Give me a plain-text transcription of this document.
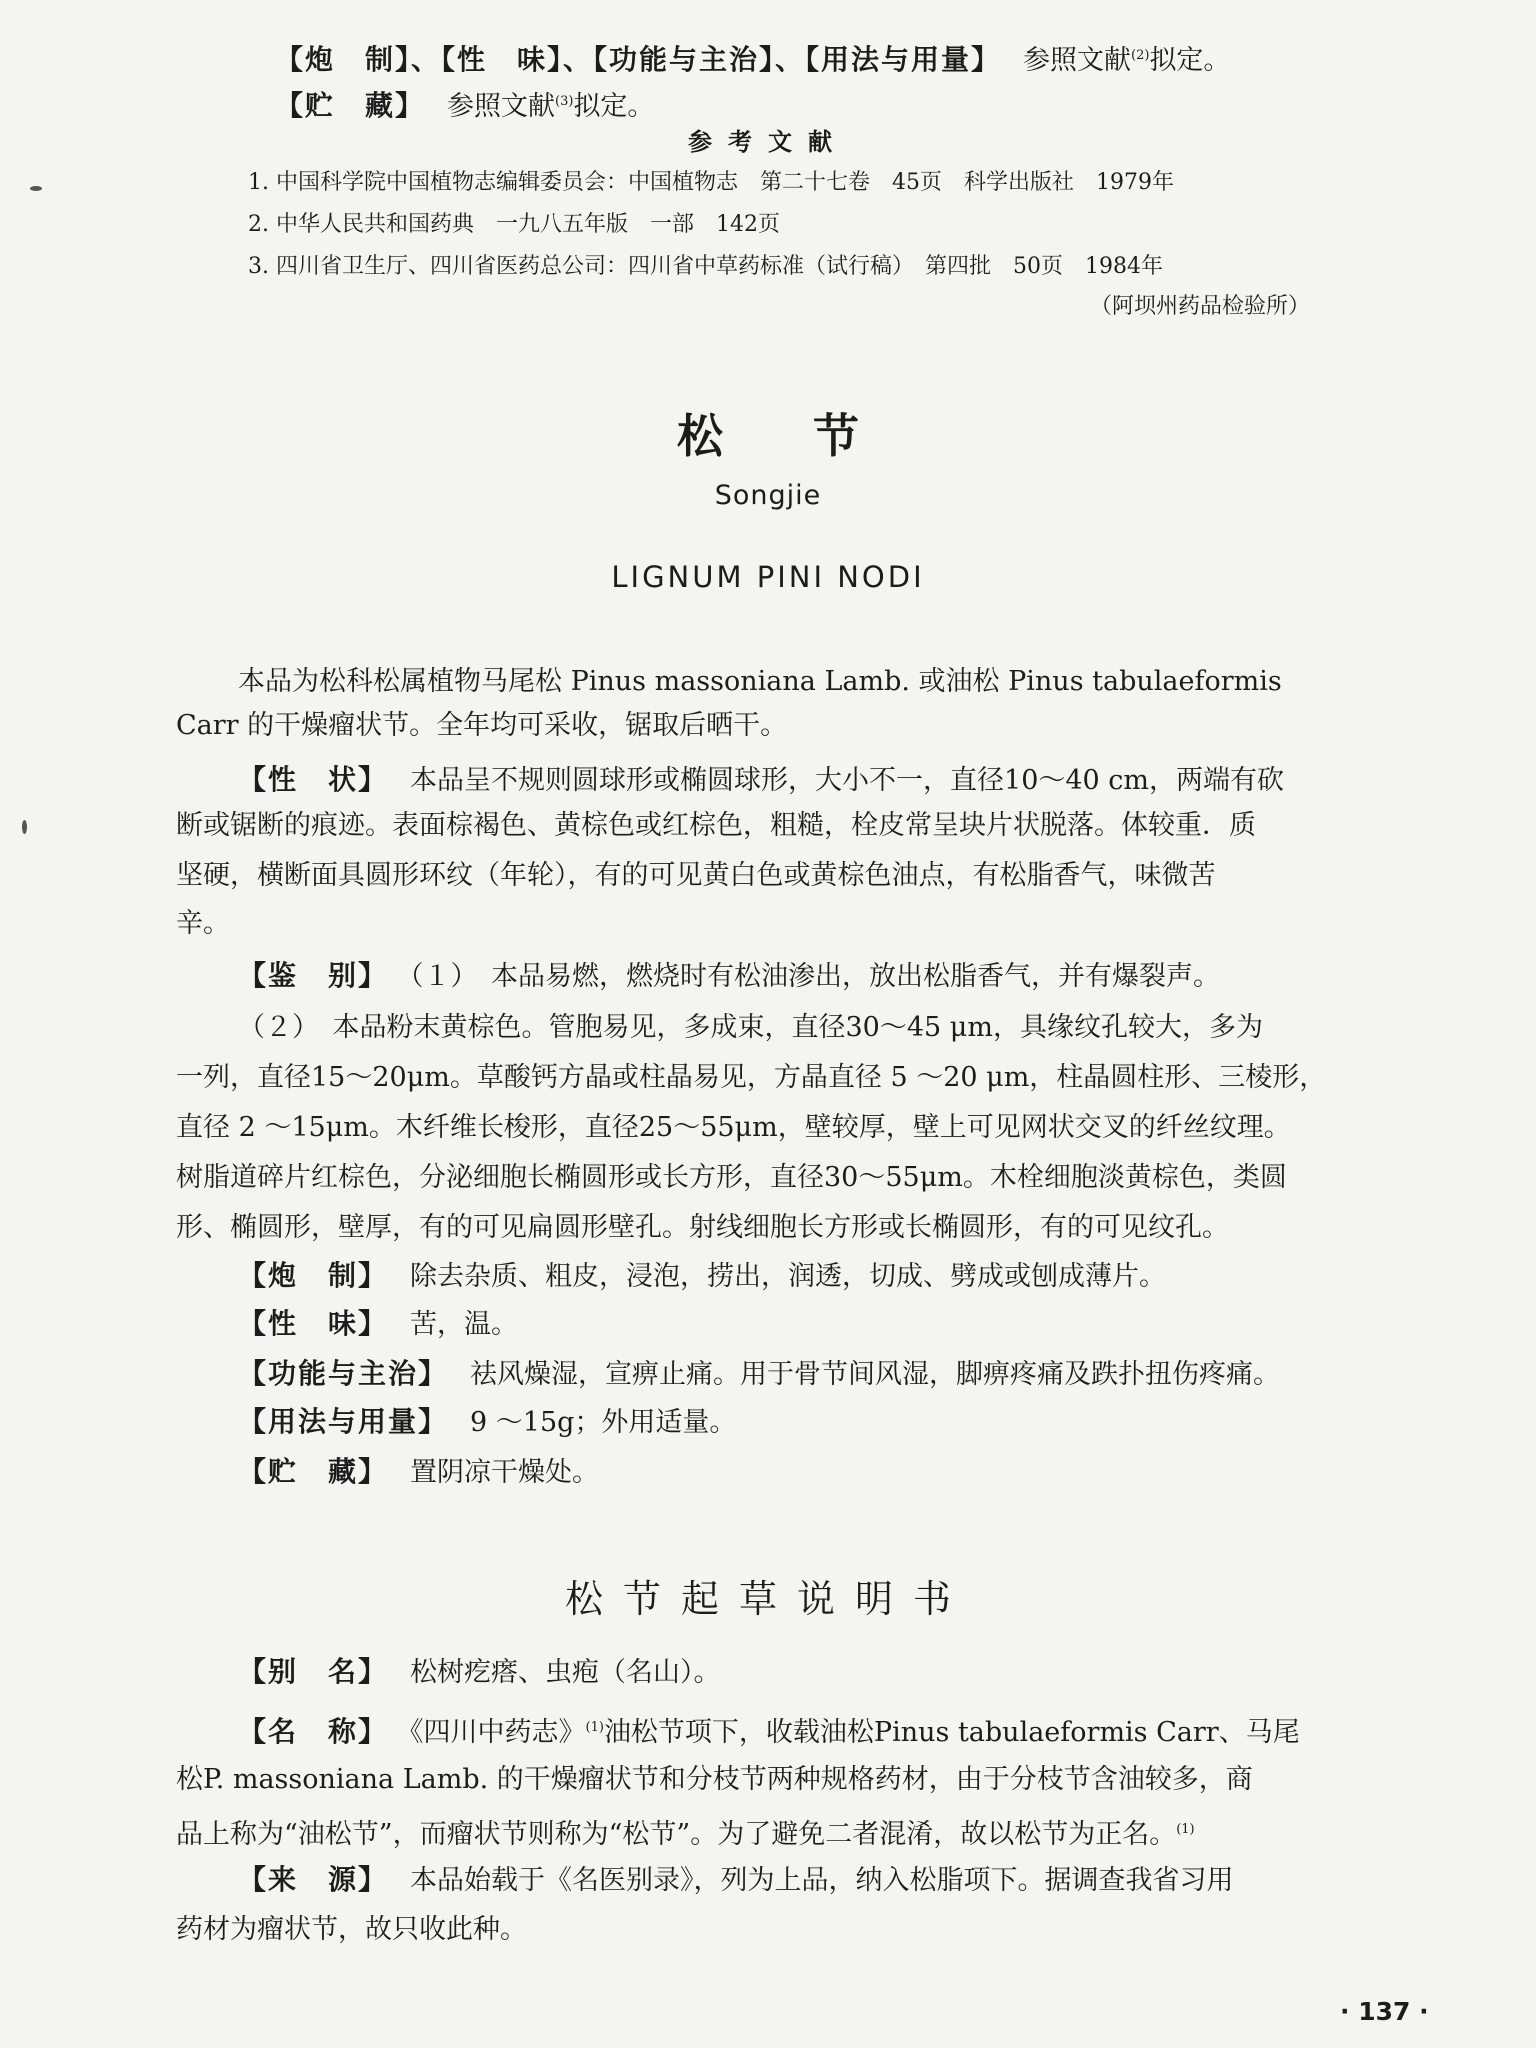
【炮　制】、【性　味】、【功能与主治】、【用法与用量】 参照文献$^{(2)}$拟定。
【贮　藏】 参照文献$^{(3)}$拟定。
参考文献
1. 中国科学院中国植物志编辑委员会：中国植物志　第二十七卷　45页　科学出版社　1979年
2. 中华人民共和国药典　一九八五年版　一部　142页
3. 四川省卫生厅、四川省医药总公司：四川省中草药标准（试行稿）　第四批　50页　1984年
（阿坝州药品检验所）
松节
Songjie
LIGNUM PINI NODI
本品为松科松属植物马尾松 Pinus massoniana Lamb. 或油松 Pinus tabulaeformis
Carr 的干燥瘤状节。全年均可采收，锯取后晒干。
【性　状】 本品呈不规则圆球形或椭圆球形，大小不一，直径10～40 cm，两端有砍
断或锯断的痕迹。表面棕褐色、黄棕色或红棕色，粗糙，栓皮常呈块片状脱落。体较重．质
坚硬，横断面具圆形环纹（年轮），有的可见黄白色或黄棕色油点，有松脂香气，味微苦
辛。
【鉴　别】 （１）　本品易燃，燃烧时有松油渗出，放出松脂香气，并有爆裂声。
（２）　本品粉末黄棕色。管胞易见，多成束，直径30～45 μm，具缘纹孔较大，多为
一列，直径15～20μm。草酸钙方晶或柱晶易见，方晶直径 5 ～20 μm，柱晶圆柱形、三棱形，
直径 2 ～15μm。木纤维长梭形，直径25～55μm，壁较厚，壁上可见网状交叉的纤丝纹理。
树脂道碎片红棕色，分泌细胞长椭圆形或长方形，直径30～55μm。木栓细胞淡黄棕色，类圆
形、椭圆形，壁厚，有的可见扁圆形壁孔。射线细胞长方形或长椭圆形，有的可见纹孔。
【炮　制】 除去杂质、粗皮，浸泡，捞出，润透，切成、劈成或刨成薄片。
【性　味】 苦，温。
【功能与主治】 祛风燥湿，宣痹止痛。用于骨节间风湿，脚痹疼痛及跌扑扭伤疼痛。
【用法与用量】 9 ～15g；外用适量。
【贮　藏】 置阴凉干燥处。
松节起草说明书
【别　名】 松树疙瘩、虫疱（名山）。
【名　称】 《四川中药志》$^{(1)}$油松节项下，收载油松Pinus tabulaeformis Carr、马尾
松P. massoniana Lamb. 的干燥瘤状节和分枝节两种规格药材，由于分枝节含油较多，商
品上称为“油松节”，而瘤状节则称为“松节”。为了避免二者混淆，故以松节为正名。$^{(1)}$
【来　源】 本品始载于《名医别录》，列为上品，纳入松脂项下。据调查我省习用
药材为瘤状节，故只收此种。
· 137 ·
